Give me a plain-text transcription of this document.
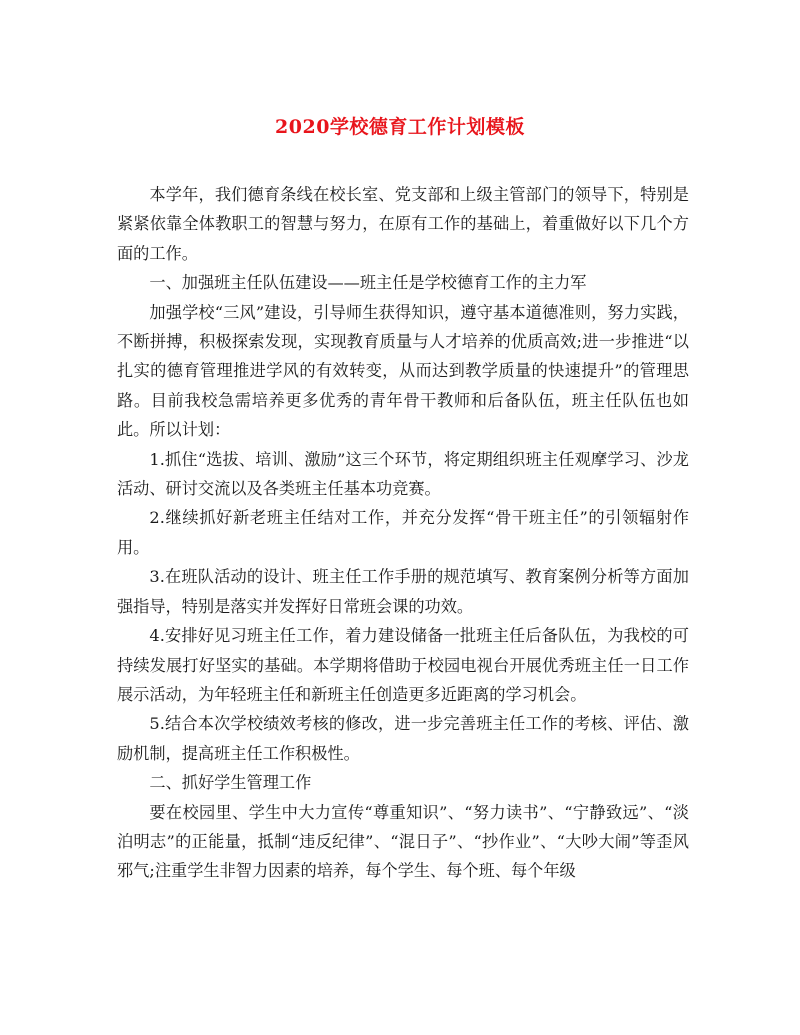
2020学校德育工作计划模板

本学年，我们德育条线在校长室、党支部和上级主管部门的领导下，特别是紧紧依靠全体教职工的智慧与努力，在原有工作的基础上，着重做好以下几个方面的工作。

一、加强班主任队伍建设——班主任是学校德育工作的主力军

加强学校“三风”建设，引导师生获得知识，遵守基本道德准则，努力实践，不断拼搏，积极探索发现，实现教育质量与人才培养的优质高效;进一步推进“以扎实的德育管理推进学风的有效转变，从而达到教学质量的快速提升”的管理思路。目前我校急需培养更多优秀的青年骨干教师和后备队伍，班主任队伍也如此。所以计划：

1.抓住“选拔、培训、激励”这三个环节，将定期组织班主任观摩学习、沙龙活动、研讨交流以及各类班主任基本功竞赛。

2.继续抓好新老班主任结对工作，并充分发挥“骨干班主任”的引领辐射作用。

3.在班队活动的设计、班主任工作手册的规范填写、教育案例分析等方面加强指导，特别是落实并发挥好日常班会课的功效。

4.安排好见习班主任工作，着力建设储备一批班主任后备队伍，为我校的可持续发展打好坚实的基础。本学期将借助于校园电视台开展优秀班主任一日工作展示活动，为年轻班主任和新班主任创造更多近距离的学习机会。

5.结合本次学校绩效考核的修改，进一步完善班主任工作的考核、评估、激励机制，提高班主任工作积极性。

二、抓好学生管理工作

要在校园里、学生中大力宣传“尊重知识”、“努力读书”、“宁静致远”、“淡泊明志”的正能量，抵制“违反纪律”、“混日子”、“抄作业”、“大吵大闹”等歪风邪气;注重学生非智力因素的培养，每个学生、每个班、每个年级
